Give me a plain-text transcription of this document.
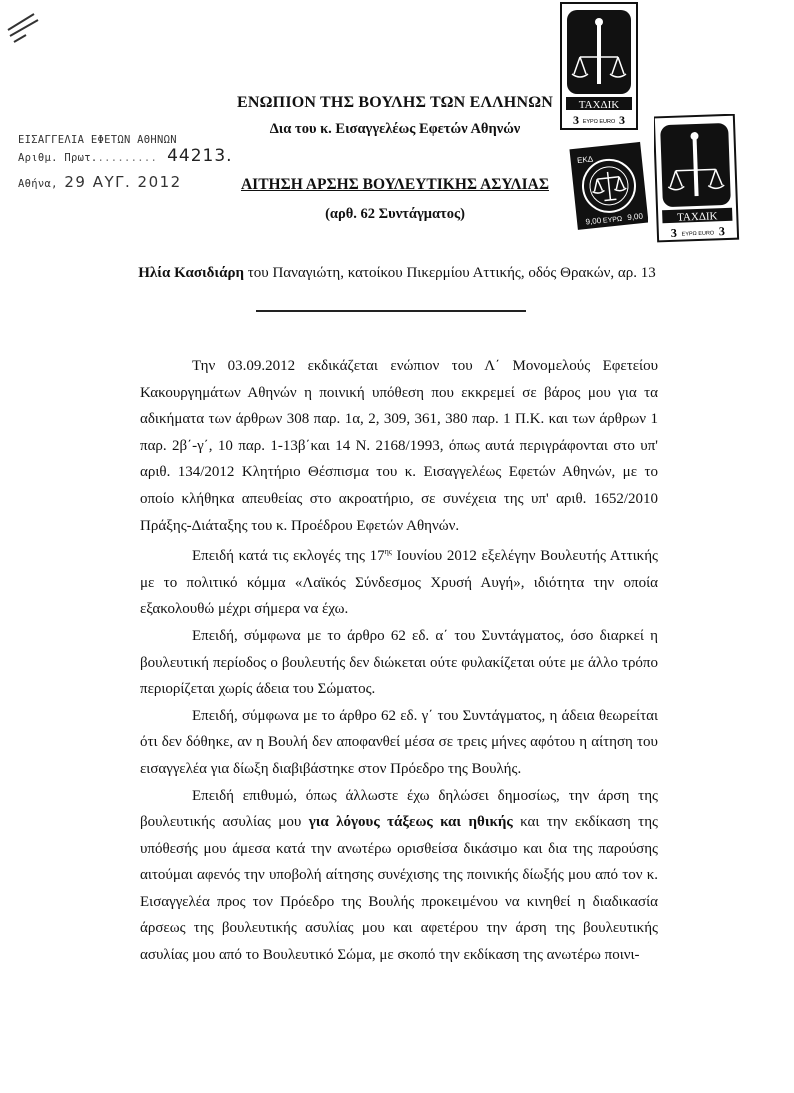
ΕΙΣΑΓΓΕΛΙΑ ΕΦΕΤΩΝ ΑΘΗΝΩΝ
Αριθμ. Πρωτ.......... 44213.
Αθήνα, 29 ΑΥΓ. 2012
ΕΝΩΠΙΟΝ ΤΗΣ ΒΟΥΛΗΣ ΤΩΝ ΕΛΛΗΝΩΝ
Δια του κ. Εισαγγελέως Εφετών Αθηνών
ΑΙΤΗΣΗ ΑΡΣΗΣ ΒΟΥΛΕΥΤΙΚΗΣ ΑΣΥΛΙΑΣ
(αρθ. 62 Συντάγματος)
ΤΑΧΔΙΚ
3	3
ΕΥΡΩ ΕURO
ΕΚΔ
9,00 ΕΥΡΩ 9,00	ΤΑΧΔΙΚ
3	3
ΕΥΡΩ ΕURO
Ηλία Κασιδιάρη του Παναγιώτη, κατοίκου Πικερμίου Αττικής, οδός Θρακών, αρ. 13

Την 03.09.2012 εκδικάζεται ενώπιον του Λ΄ Μονομελούς Εφετείου Κακουργημάτων Αθηνών η ποινική υπόθεση που εκκρεμεί σε βάρος μου για τα αδικήματα των άρθρων 308 παρ. 1α, 2, 309, 361, 380 παρ. 1 Π.Κ. και των άρθρων 1 παρ. 2β΄-γ΄, 10 παρ. 1-13β΄και 14 Ν. 2168/1993, όπως αυτά περιγράφονται στο υπ' αριθ. 134/2012 Κλητήριο Θέσπισμα του κ. Εισαγγελέως Εφετών Αθηνών, με το οποίο κλήθηκα απευθείας στο ακροατήριο, σε συνέχεια της υπ' αριθ. 1652/2010 Πράξης-Διάταξης του κ. Προέδρου Εφετών Αθηνών.

Επειδή κατά τις εκλογές της $17^{\eta\varsigma}$ Ιουνίου 2012 εξελέγην Βουλευτής Αττικής με το πολιτικό κόμμα «Λαϊκός Σύνδεσμος Χρυσή Αυγή», ιδιότητα την οποία εξακολουθώ μέχρι σήμερα να έχω.

Επειδή, σύμφωνα με το άρθρο 62 εδ. α΄ του Συντάγματος, όσο διαρκεί η βουλευτική περίοδος ο βουλευτής δεν διώκεται ούτε φυλακίζεται ούτε με άλλο τρόπο περιορίζεται χωρίς άδεια του Σώματος.

Επειδή, σύμφωνα με το άρθρο 62 εδ. γ΄ του Συντάγματος, η άδεια θεωρείται ότι δεν δόθηκε, αν η Βουλή δεν αποφανθεί μέσα σε τρεις μήνες αφότου η αίτηση του εισαγγελέα για δίωξη διαβιβάστηκε στον Πρόεδρο της Βουλής.

Επειδή επιθυμώ, όπως άλλωστε έχω δηλώσει δημοσίως, την άρση της βουλευτικής ασυλίας μου για λόγους τάξεως και ηθικής και την εκδίκαση της υπόθεσής μου άμεσα κατά την ανωτέρω ορισθείσα δικάσιμο και δια της παρούσης αιτούμαι αφενός την υποβολή αίτησης συνέχισης της ποινικής δίωξής μου από τον κ. Εισαγγελέα προς τον Πρόεδρο της Βουλής προκειμένου να κινηθεί η διαδικασία άρσεως της βουλευτικής ασυλίας μου και αφετέρου την άρση της βουλευτικής ασυλίας μου από το Βουλευτικό Σώμα, με σκοπό την εκδίκαση της ανωτέρω ποινι-
